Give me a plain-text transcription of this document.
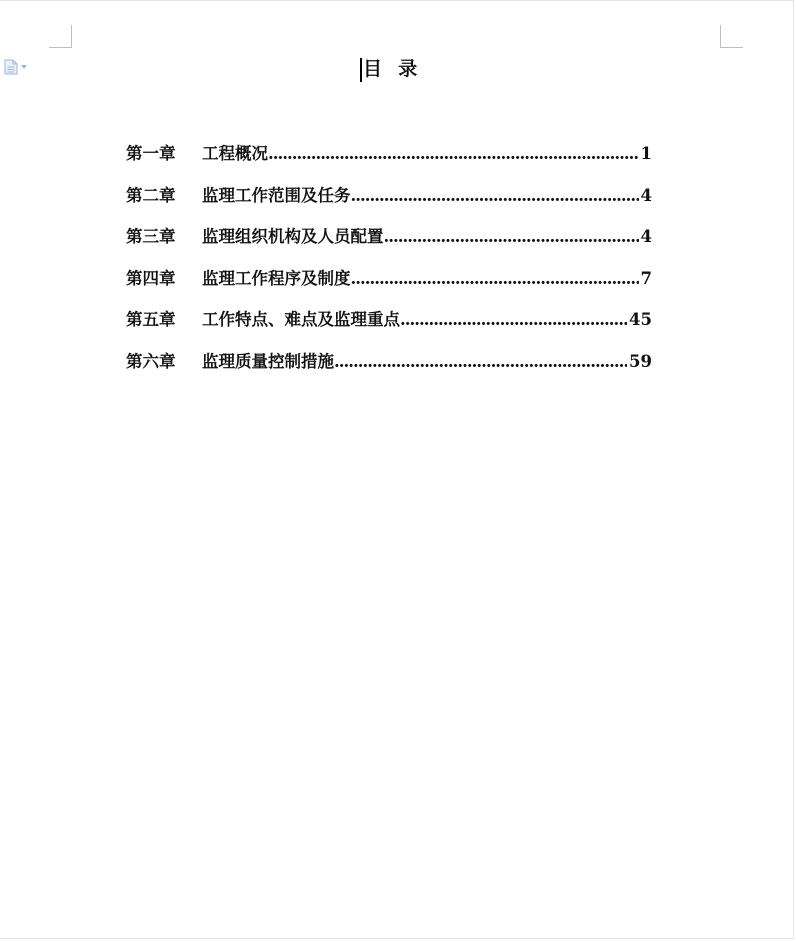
目  录
第一章	工程概况 .....	1
第二章	监理工作范围及任务 .....	4
第三章	监理组织机构及人员配置 .....	4
第四章	监理工作程序及制度 .....	7
第五章	工作特点、难点及监理重点 .....	45
第六章	监理质量控制措施 .....	59
